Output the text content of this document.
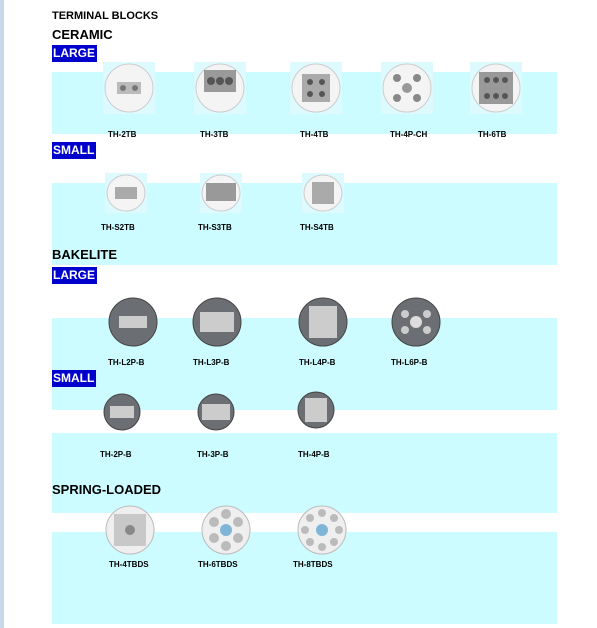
TERMINAL BLOCKS
CERAMIC
LARGE
SMALL
BAKELITE
LARGE
SMALL
SPRING-LOADED
TH-2TB	TH-3TB	TH-4TB	TH-4P-CH	TH-6TB
TH-S2TB	TH-S3TB	TH-S4TB
TH-L2P-B	TH-L3P-B	TH-L4P-B	TH-L6P-B
TH-2P-B	TH-3P-B	TH-4P-B
TH-4TBDS	TH-6TBDS	TH-8TBDS
